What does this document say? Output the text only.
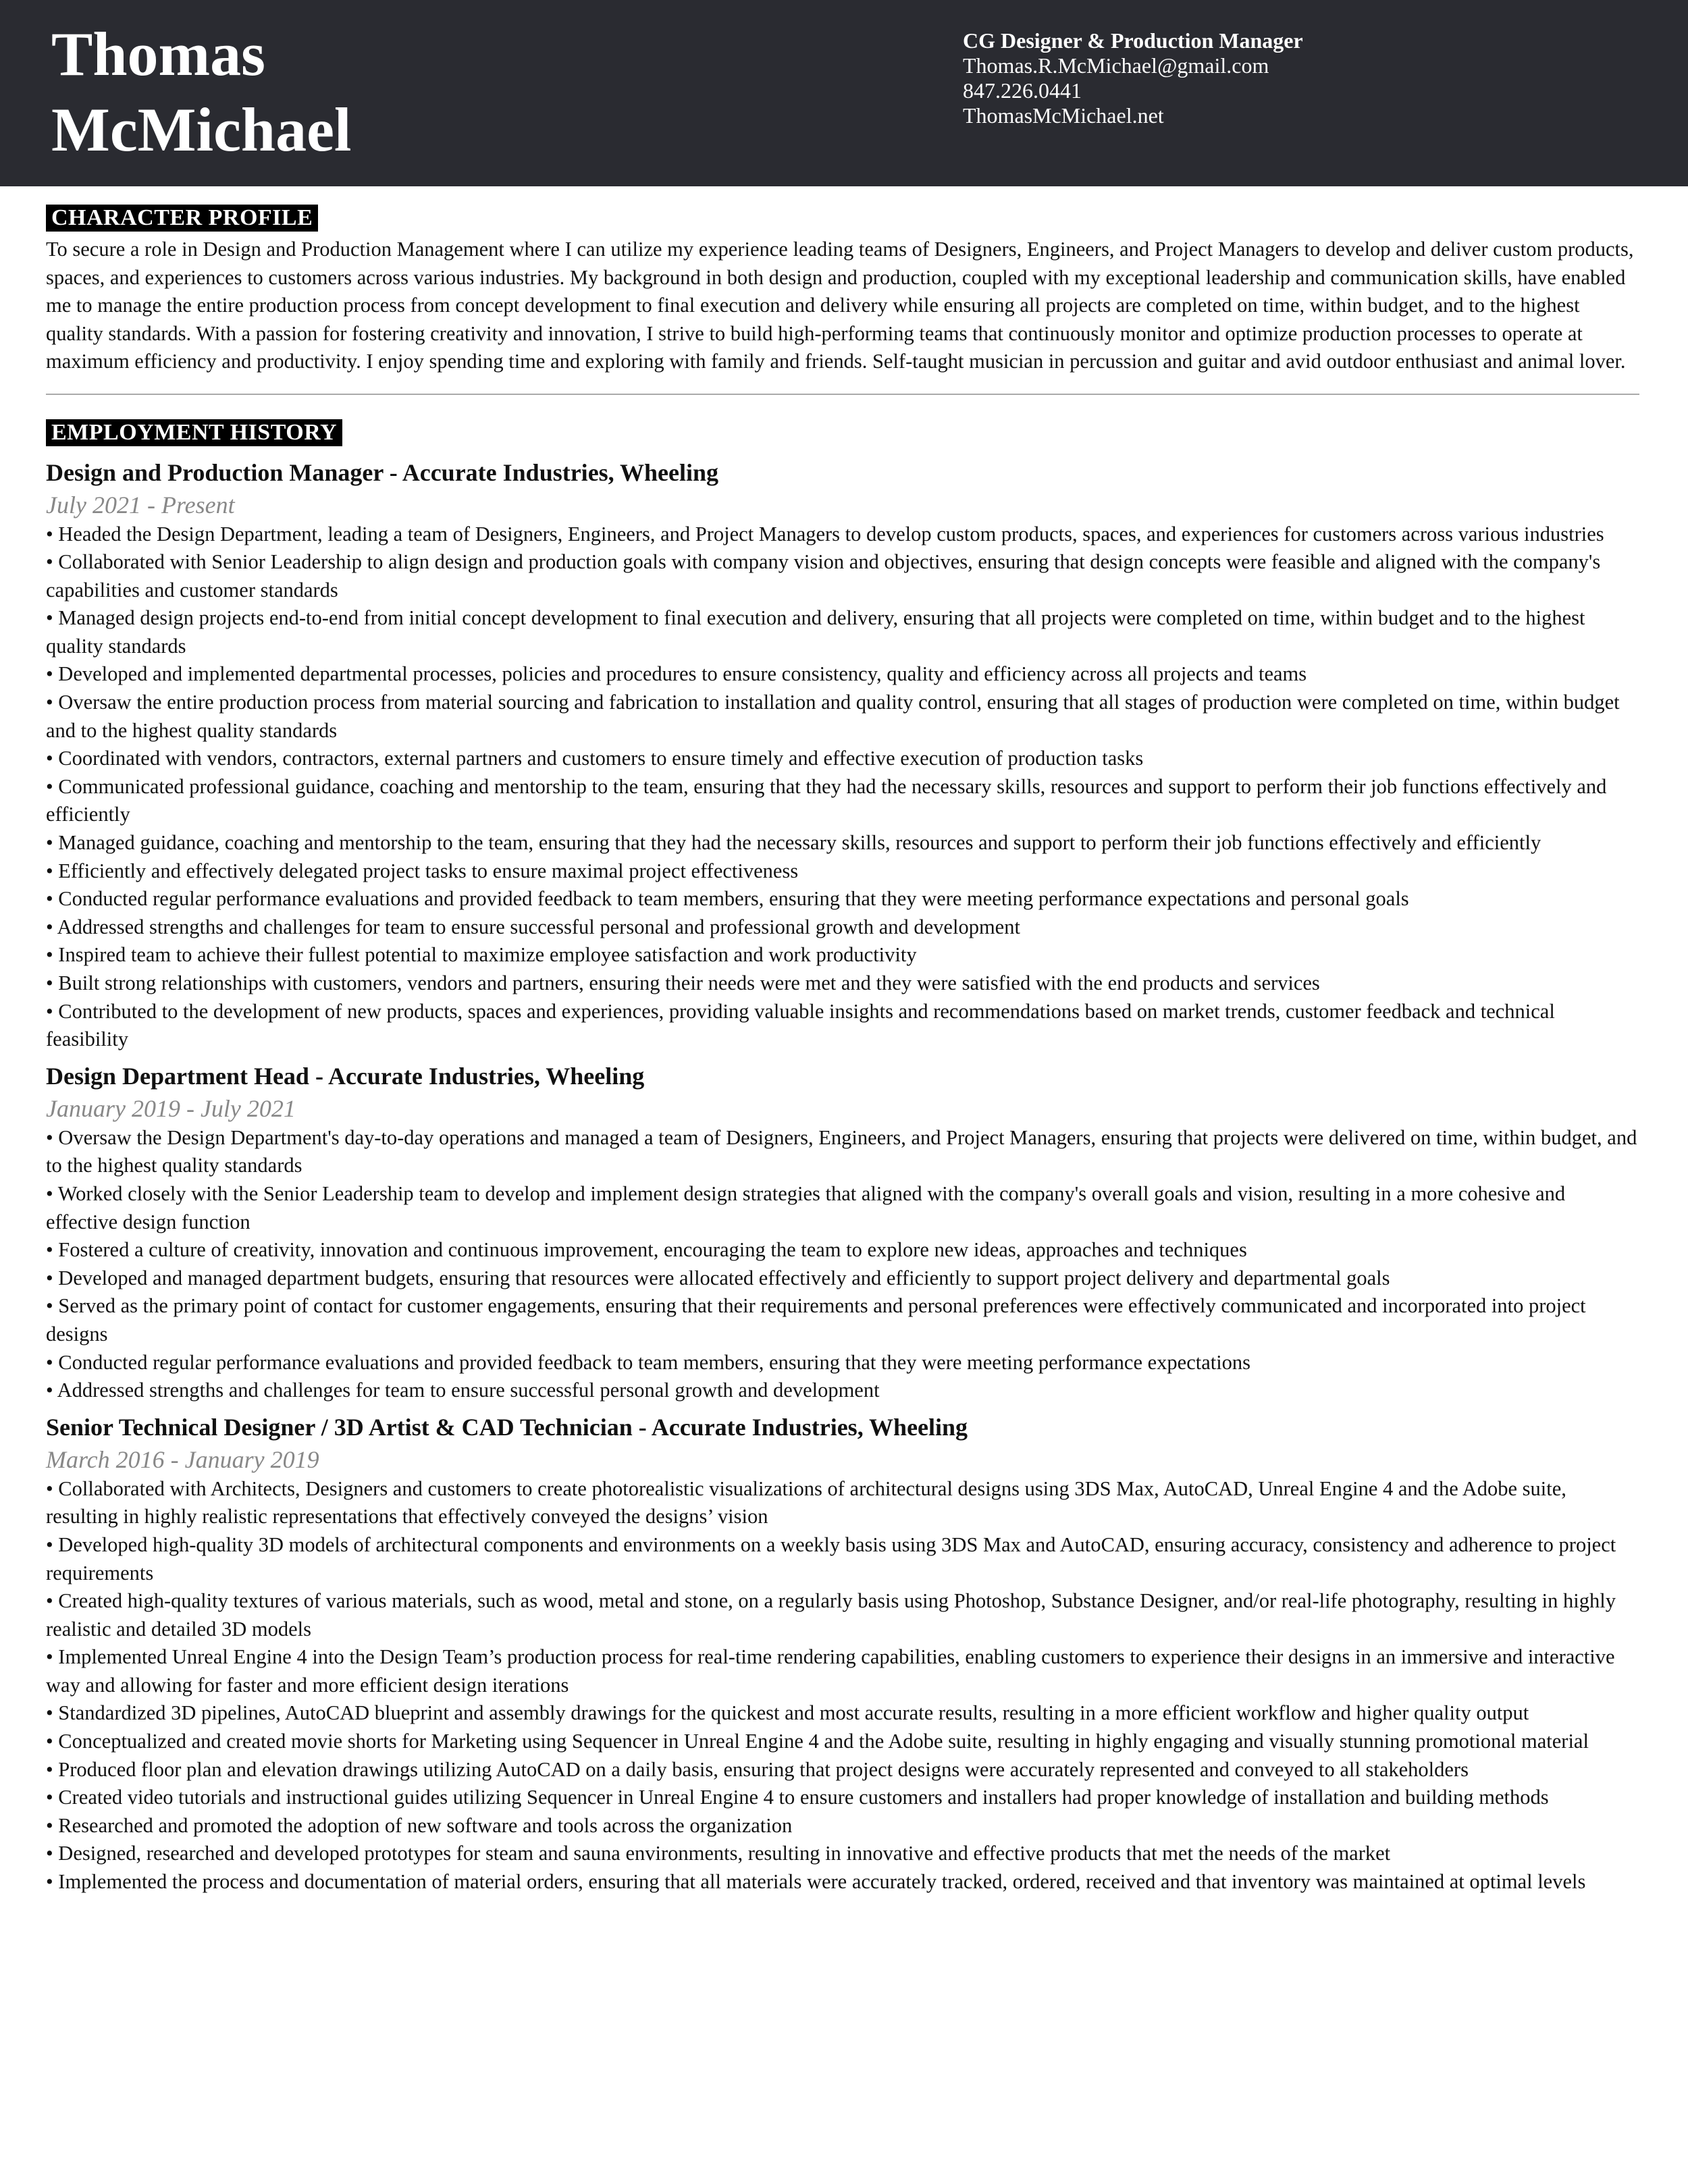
Thomas
McMichael
CG Designer & Production Manager
Thomas.R.McMichael@gmail.com
847.226.0441
ThomasMcMichael.net
CHARACTER PROFILE

To secure a role in Design and Production Management where I can utilize my experience leading teams of Designers, Engineers, and Project Managers to develop and deliver custom products, spaces, and experiences to customers across various industries. My background in both design and production, coupled with my exceptional leadership and communication skills, have enabled me to manage the entire production process from concept development to final execution and delivery while ensuring all projects are completed on time, within budget, and to the highest quality standards. With a passion for fostering creativity and innovation, I strive to build high-performing teams that continuously monitor and optimize production processes to operate at maximum efficiency and productivity. I enjoy spending time and exploring with family and friends. Self-taught musician in percussion and guitar and avid outdoor enthusiast and animal lover.

EMPLOYMENT HISTORY
Design and Production Manager - Accurate Industries, Wheeling
July 2021 - Present
• Headed the Design Department, leading a team of Designers, Engineers, and Project Managers to develop custom products, spaces, and experiences for customers across various industries
• Collaborated with Senior Leadership to align design and production goals with company vision and objectives, ensuring that design concepts were feasible and aligned with the company's capabilities and customer standards
• Managed design projects end-to-end from initial concept development to final execution and delivery, ensuring that all projects were completed on time, within budget and to the highest quality standards
• Developed and implemented departmental processes, policies and procedures to ensure consistency, quality and efficiency across all projects and teams
• Oversaw the entire production process from material sourcing and fabrication to installation and quality control, ensuring that all stages of production were completed on time, within budget and to the highest quality standards
• Coordinated with vendors, contractors, external partners and customers to ensure timely and effective execution of production tasks
• Communicated professional guidance, coaching and mentorship to the team, ensuring that they had the necessary skills, resources and support to perform their job functions effectively and efficiently
• Managed guidance, coaching and mentorship to the team, ensuring that they had the necessary skills, resources and support to perform their job functions effectively and efficiently
• Efficiently and effectively delegated project tasks to ensure maximal project effectiveness
• Conducted regular performance evaluations and provided feedback to team members, ensuring that they were meeting performance expectations and personal goals
• Addressed strengths and challenges for team to ensure successful personal and professional growth and development
• Inspired team to achieve their fullest potential to maximize employee satisfaction and work productivity
• Built strong relationships with customers, vendors and partners, ensuring their needs were met and they were satisfied with the end products and services
• Contributed to the development of new products, spaces and experiences, providing valuable insights and recommendations based on market trends, customer feedback and technical feasibility
Design Department Head - Accurate Industries, Wheeling
January 2019 - July 2021
• Oversaw the Design Department's day-to-day operations and managed a team of Designers, Engineers, and Project Managers, ensuring that projects were delivered on time, within budget, and to the highest quality standards
• Worked closely with the Senior Leadership team to develop and implement design strategies that aligned with the company's overall goals and vision, resulting in a more cohesive and effective design function
• Fostered a culture of creativity, innovation and continuous improvement, encouraging the team to explore new ideas, approaches and techniques
• Developed and managed department budgets, ensuring that resources were allocated effectively and efficiently to support project delivery and departmental goals
• Served as the primary point of contact for customer engagements, ensuring that their requirements and personal preferences were effectively communicated and incorporated into project designs
• Conducted regular performance evaluations and provided feedback to team members, ensuring that they were meeting performance expectations
• Addressed strengths and challenges for team to ensure successful personal growth and development
Senior Technical Designer / 3D Artist & CAD Technician - Accurate Industries, Wheeling
March 2016 - January 2019
• Collaborated with Architects, Designers and customers to create photorealistic visualizations of architectural designs using 3DS Max, AutoCAD, Unreal Engine 4 and the Adobe suite, resulting in highly realistic representations that effectively conveyed the designs’ vision
• Developed high-quality 3D models of architectural components and environments on a weekly basis using 3DS Max and AutoCAD, ensuring accuracy, consistency and adherence to project requirements
• Created high-quality textures of various materials, such as wood, metal and stone, on a regularly basis using Photoshop, Substance Designer, and/or real-life photography, resulting in highly realistic and detailed 3D models
• Implemented Unreal Engine 4 into the Design Team’s production process for real-time rendering capabilities, enabling customers to experience their designs in an immersive and interactive way and allowing for faster and more efficient design iterations
• Standardized 3D pipelines, AutoCAD blueprint and assembly drawings for the quickest and most accurate results, resulting in a more efficient workflow and higher quality output
• Conceptualized and created movie shorts for Marketing using Sequencer in Unreal Engine 4 and the Adobe suite, resulting in highly engaging and visually stunning promotional material
• Produced floor plan and elevation drawings utilizing AutoCAD on a daily basis, ensuring that project designs were accurately represented and conveyed to all stakeholders
• Created video tutorials and instructional guides utilizing Sequencer in Unreal Engine 4 to ensure customers and installers had proper knowledge of installation and building methods
• Researched and promoted the adoption of new software and tools across the organization
• Designed, researched and developed prototypes for steam and sauna environments, resulting in innovative and effective products that met the needs of the market
• Implemented the process and documentation of material orders, ensuring that all materials were accurately tracked, ordered, received and that inventory was maintained at optimal levels
